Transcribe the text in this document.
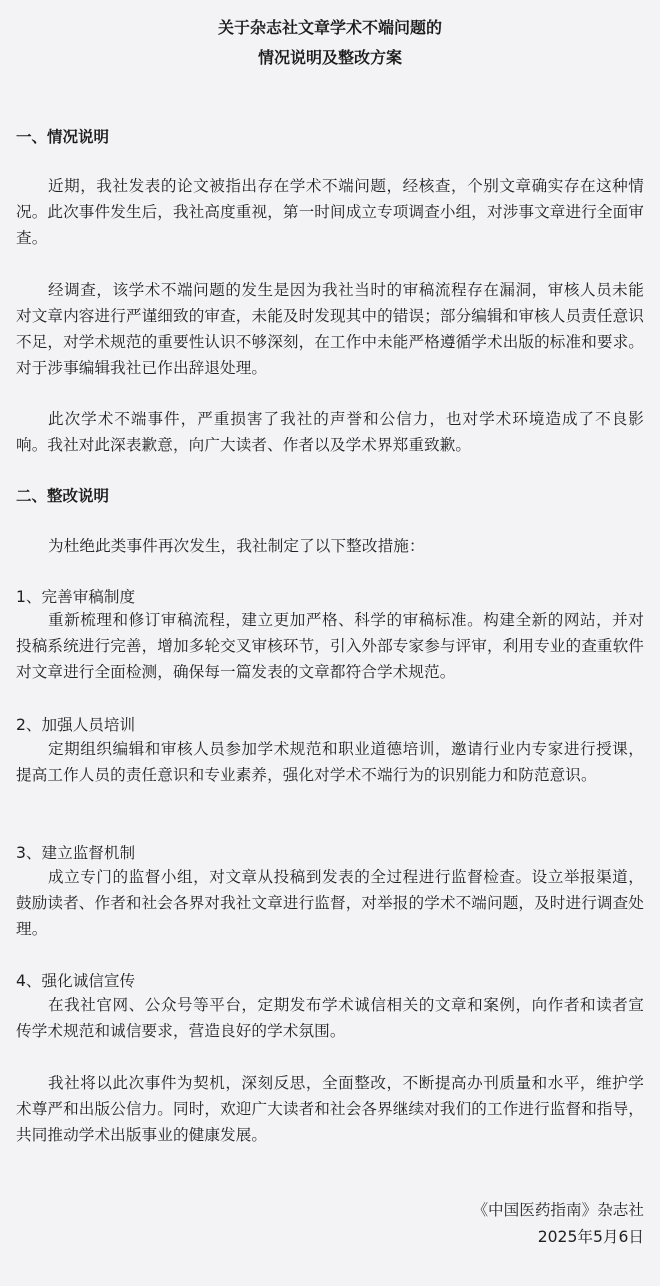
关于杂志社文章学术不端问题的
情况说明及整改方案
一、情况说明

近期，我社发表的论文被指出存在学术不端问题，经核查，个别文章确实存在这种情况。此次事件发生后，我社高度重视，第一时间成立专项调查小组，对涉事文章进行全面审查。

经调查，该学术不端问题的发生是因为我社当时的审稿流程存在漏洞，审核人员未能对文章内容进行严谨细致的审查，未能及时发现其中的错误；部分编辑和审核人员责任意识不足，对学术规范的重要性认识不够深刻，在工作中未能严格遵循学术出版的标准和要求。对于涉事编辑我社已作出辞退处理。

此次学术不端事件，严重损害了我社的声誉和公信力，也对学术环境造成了不良影响。我社对此深表歉意，向广大读者、作者以及学术界郑重致歉。

二、整改说明

为杜绝此类事件再次发生，我社制定了以下整改措施：

1、完善审稿制度

重新梳理和修订审稿流程，建立更加严格、科学的审稿标准。构建全新的网站，并对投稿系统进行完善，增加多轮交叉审核环节，引入外部专家参与评审，利用专业的查重软件对文章进行全面检测，确保每一篇发表的文章都符合学术规范。

2、加强人员培训

定期组织编辑和审核人员参加学术规范和职业道德培训，邀请行业内专家进行授课，提高工作人员的责任意识和专业素养，强化对学术不端行为的识别能力和防范意识。

3、建立监督机制

成立专门的监督小组，对文章从投稿到发表的全过程进行监督检查。设立举报渠道，鼓励读者、作者和社会各界对我社文章进行监督，对举报的学术不端问题，及时进行调查处理。

4、强化诚信宣传

在我社官网、公众号等平台，定期发布学术诚信相关的文章和案例，向作者和读者宣传学术规范和诚信要求，营造良好的学术氛围。

我社将以此次事件为契机，深刻反思，全面整改，不断提高办刊质量和水平，维护学术尊严和出版公信力。同时，欢迎广大读者和社会各界继续对我们的工作进行监督和指导，共同推动学术出版事业的健康发展。

《中国医药指南》杂志社
2025年5月6日
